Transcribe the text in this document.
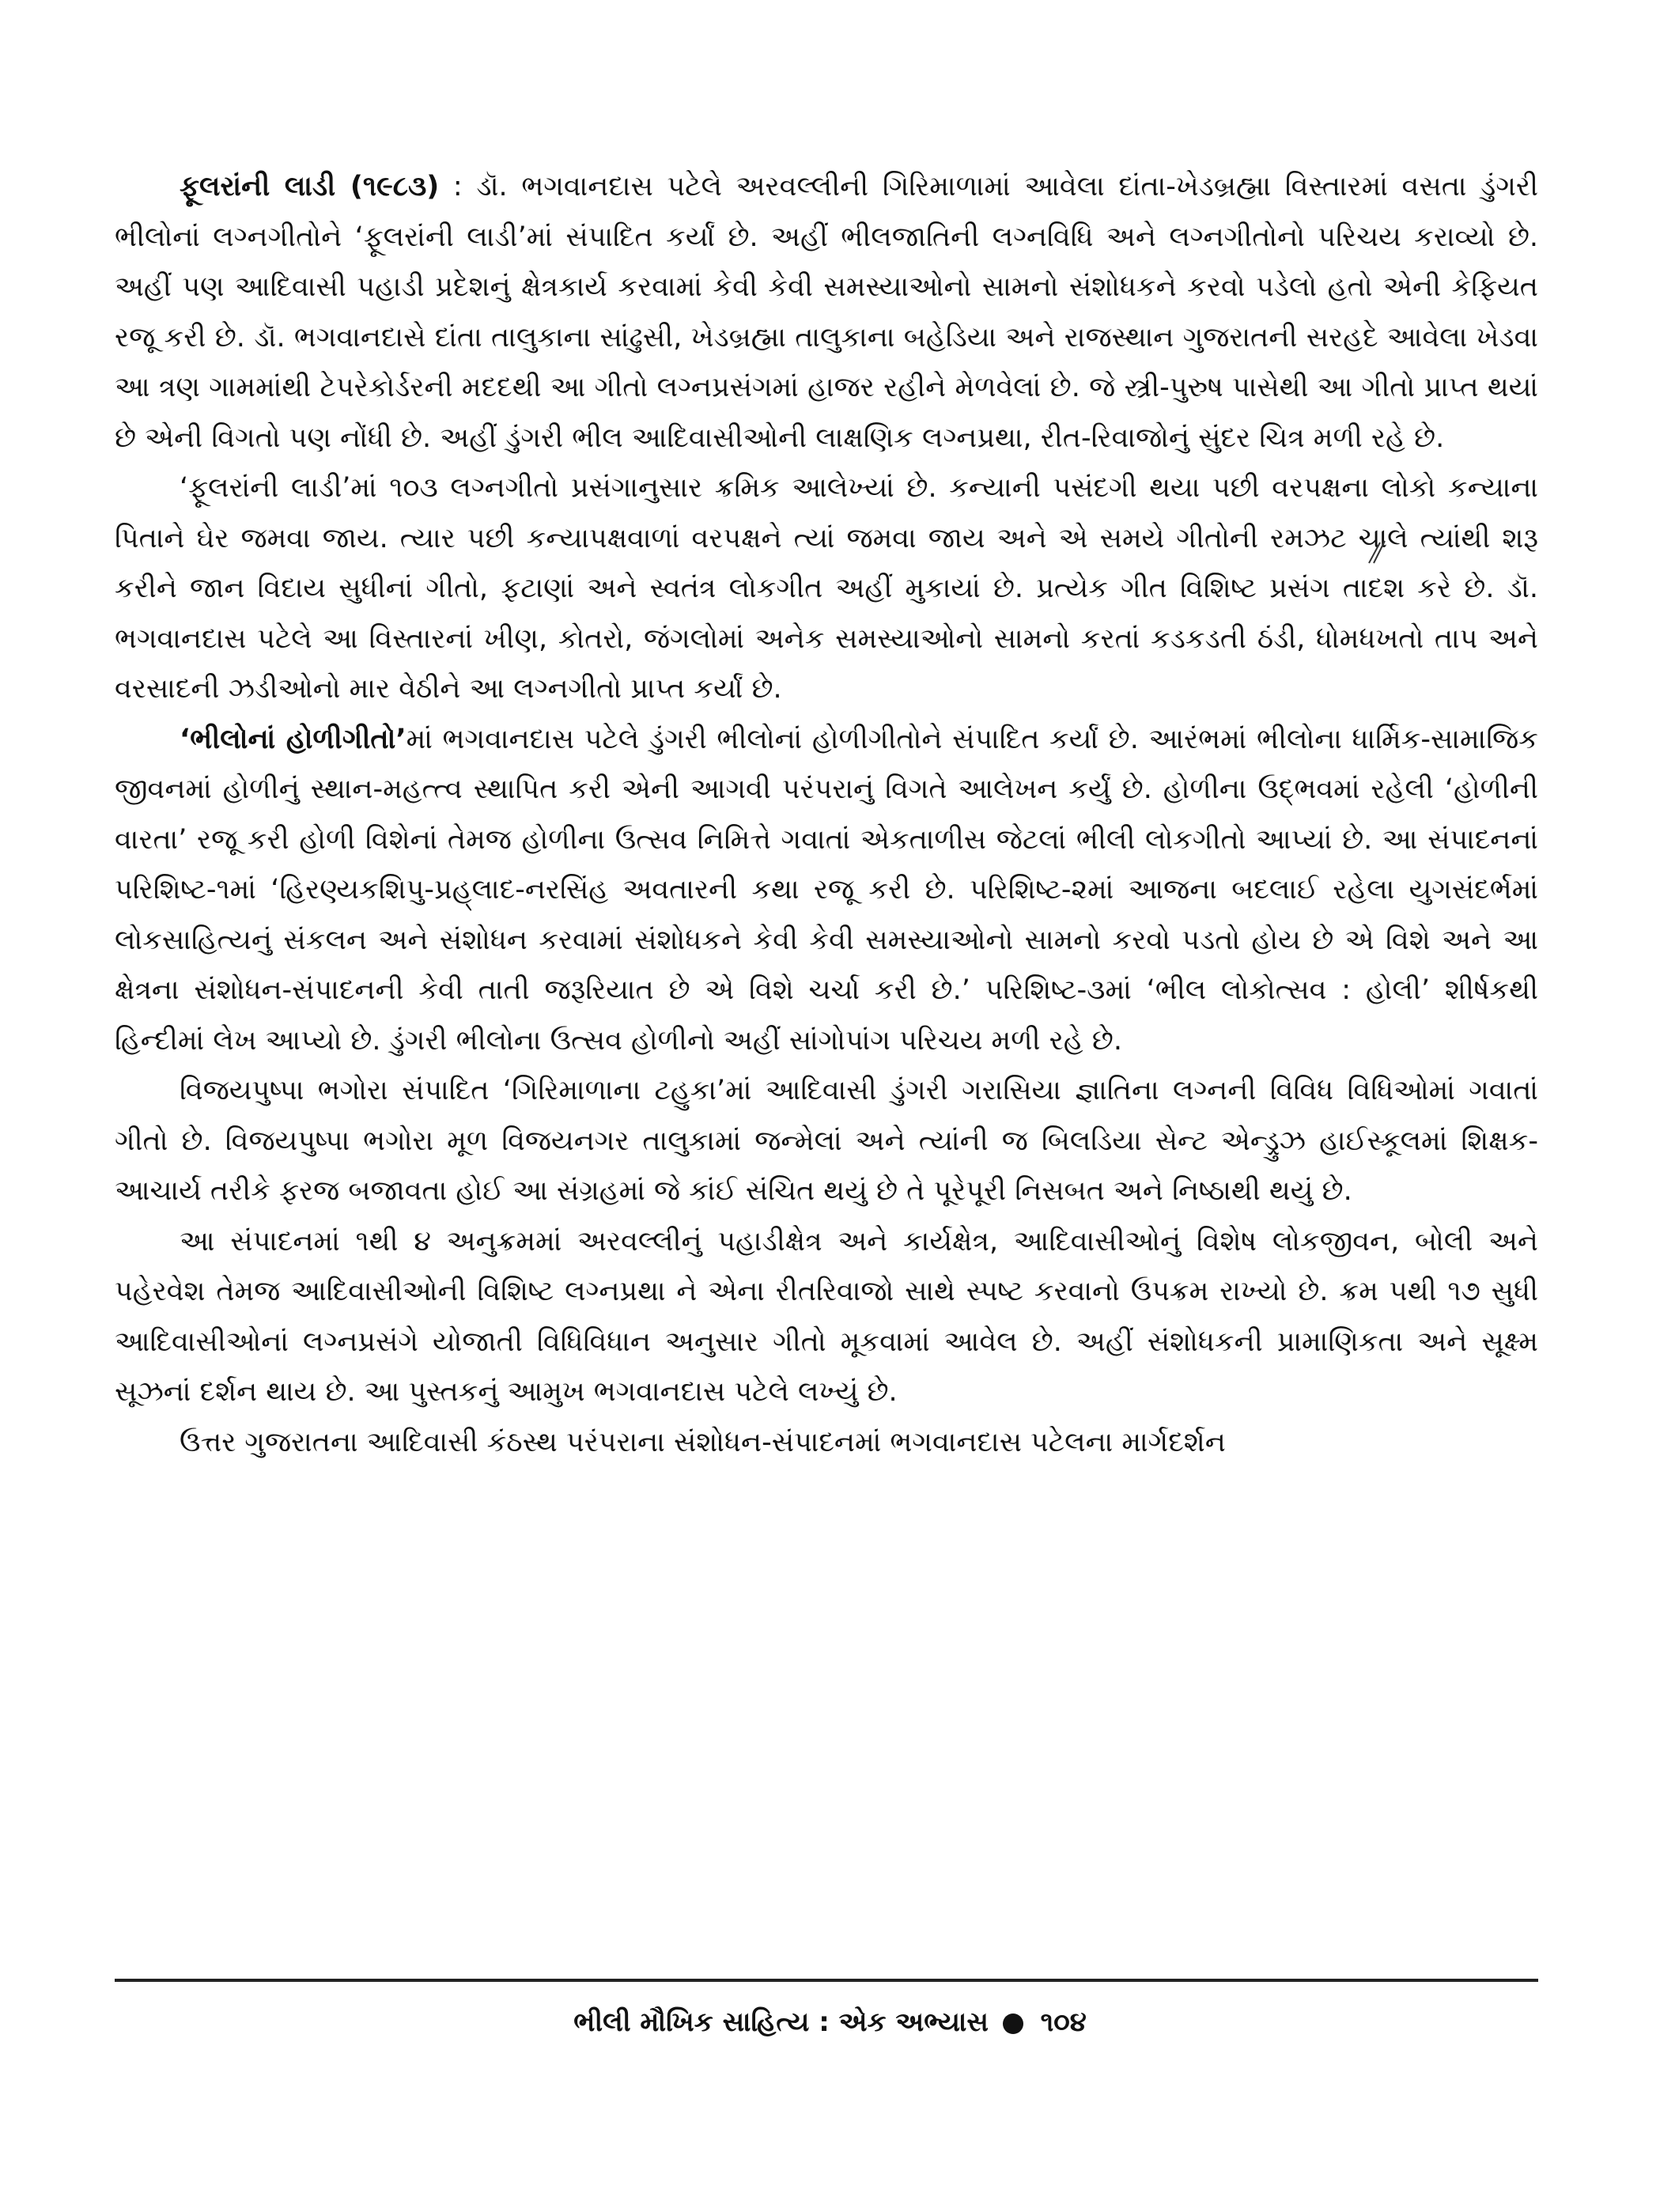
ફૂલરાંની લાડી (૧૯૮૩) : ડૉ. ભગવાનદાસ પટેલે અરવલ્લીની ગિરિમાળામાં આવેલા દાંતા-ખેડબ્રહ્મા વિસ્તારમાં વસતા ડુંગરી ભીલોનાં લગ્નગીતોને ‘ફૂલરાંની લાડી’માં સંપાદિત કર્યાં છે. અહીં ભીલજાતિની લગ્નવિધિ અને લગ્નગીતોનો પરિચય કરાવ્યો છે. અહીં પણ આદિવાસી પહાડી પ્રદેશનું ક્ષેત્રકાર્ય કરવામાં કેવી કેવી સમસ્યાઓનો સામનો સંશોધકને કરવો પડેલો હતો એની કેફિયત રજૂ કરી છે. ડૉ. ભગવાનદાસે દાંતા તાલુકાના સાંઢુસી, ખેડબ્રહ્મા તાલુકાના બહેડિયા અને રાજસ્થાન ગુજરાતની સરહદે આવેલા ખેડવા આ ત્રણ ગામમાંથી ટેપરેકોર્ડરની મદદથી આ ગીતો લગ્નપ્રસંગમાં હાજર રહીને મેળવેલાં છે. જે સ્ત્રી-પુરુષ પાસેથી આ ગીતો પ્રાપ્ત થયાં છે એની વિગતો પણ નોંધી છે. અહીં ડુંગરી ભીલ આદિવાસીઓની લાક્ષણિક લગ્નપ્રથા, રીત-રિવાજોનું સુંદર ચિત્ર મળી રહે છે.

‘ફૂલરાંની લાડી’માં ૧૦૩ લગ્નગીતો પ્રસંગાનુસાર ક્રમિક આલેખ્યાં છે. કન્યાની પસંદગી થયા પછી વરપક્ષના લોકો કન્યાના પિતાને ઘેર જમવા જાય. ત્યાર પછી કન્યાપક્ષવાળાં વરપક્ષને ત્યાં જમવા જાય અને એ સમયે ગીતોની રમઝટ ચાલે ત્યાંથી શરૂ કરીને જાન વિદાય સુધીનાં ગીતો, ફટાણાં અને સ્વતંત્ર લોકગીત અહીં મુકાયાં છે. પ્રત્યેક ગીત વિશિષ્ટ પ્રસંગ તાદશ કરે છે. ડૉ. ભગવાનદાસ પટેલે આ વિસ્તારનાં ખીણ, કોતરો, જંગલોમાં અનેક સમસ્યાઓનો સામનો કરતાં કડકડતી ઠંડી, ધોમધખતો તાપ અને વરસાદની ઝડીઓનો માર વેઠીને આ લગ્નગીતો પ્રાપ્ત કર્યાં છે.

‘ભીલોનાં હોળીગીતો’માં ભગવાનદાસ પટેલે ડુંગરી ભીલોનાં હોળીગીતોને સંપાદિત કર્યાં છે. આરંભમાં ભીલોના ધાર્મિક-સામાજિક જીવનમાં હોળીનું સ્થાન-મહત્ત્વ સ્થાપિત કરી એની આગવી પરંપરાનું વિગતે આલેખન કર્યું છે. હોળીના ઉદ્‌ભવમાં રહેલી ‘હોળીની વારતા’ રજૂ કરી હોળી વિશેનાં તેમજ હોળીના ઉત્સવ નિમિત્તે ગવાતાં એકતાળીસ જેટલાં ભીલી લોકગીતો આપ્યાં છે. આ સંપાદનનાં પરિશિષ્ટ-૧માં ‘હિરણ્યકશિપુ-પ્રહ્‌લાદ-નરસિંહ અવતારની કથા રજૂ કરી છે. પરિશિષ્ટ-૨માં આજના બદલાઈ રહેલા યુગસંદર્ભમાં લોકસાહિત્યનું સંકલન અને સંશોધન કરવામાં સંશોધકને કેવી કેવી સમસ્યાઓનો સામનો કરવો પડતો હોય છે એ વિશે અને આ ક્ષેત્રના સંશોધન-સંપાદનની કેવી તાતી જરૂરિયાત છે એ વિશે ચર્ચા કરી છે.’ પરિશિષ્ટ-૩માં ‘ભીલ લોકોત્સવ : હોલી’ શીર્ષકથી હિન્દીમાં લેખ આપ્યો છે. ડુંગરી ભીલોના ઉત્સવ હોળીનો અહીં સાંગોપાંગ પરિચય મળી રહે છે.

વિજયપુષ્પા ભગોરા સંપાદિત ‘ગિરિમાળાના ટહુકા’માં આદિવાસી ડુંગરી ગરાસિયા જ્ઞાતિના લગ્નની વિવિધ વિધિઓમાં ગવાતાં ગીતો છે. વિજયપુષ્પા ભગોરા મૂળ વિજયનગર તાલુકામાં જન્મેલાં અને ત્યાંની જ બિલડિયા સેન્ટ એન્ડ્રુઝ હાઈસ્કૂલમાં શિક્ષક-આચાર્ય તરીકે ફરજ બજાવતા હોઈ આ સંગ્રહમાં જે કાંઈ સંચિત થયું છે તે પૂરેપૂરી નિસબત અને નિષ્ઠાથી થયું છે.

આ સંપાદનમાં ૧થી ૪ અનુક્રમમાં અરવલ્લીનું પહાડીક્ષેત્ર અને કાર્યક્ષેત્ર, આદિવાસીઓનું વિશેષ લોકજીવન, બોલી અને પહેરવેશ તેમજ આદિવાસીઓની વિશિષ્ટ લગ્નપ્રથા ને એના રીતરિવાજો સાથે સ્પષ્ટ કરવાનો ઉપક્રમ રાખ્યો છે. ક્રમ ૫થી ૧૭ સુધી આદિવાસીઓનાં લગ્નપ્રસંગે યોજાતી વિધિવિધાન અનુસાર ગીતો મૂકવામાં આવેલ છે. અહીં સંશોધકની પ્રામાણિકતા અને સૂક્ષ્મ સૂઝનાં દર્શન થાય છે. આ પુસ્તકનું આમુખ ભગવાનદાસ પટેલે લખ્યું છે.

ઉત્તર ગુજરાતના આદિવાસી કંઠસ્થ પરંપરાના સંશોધન-સંપાદનમાં ભગવાનદાસ પટેલના માર્ગદર્શન

ભીલી મૌખિક સાહિત્ય : એક અભ્યાસ ૧૦૪
